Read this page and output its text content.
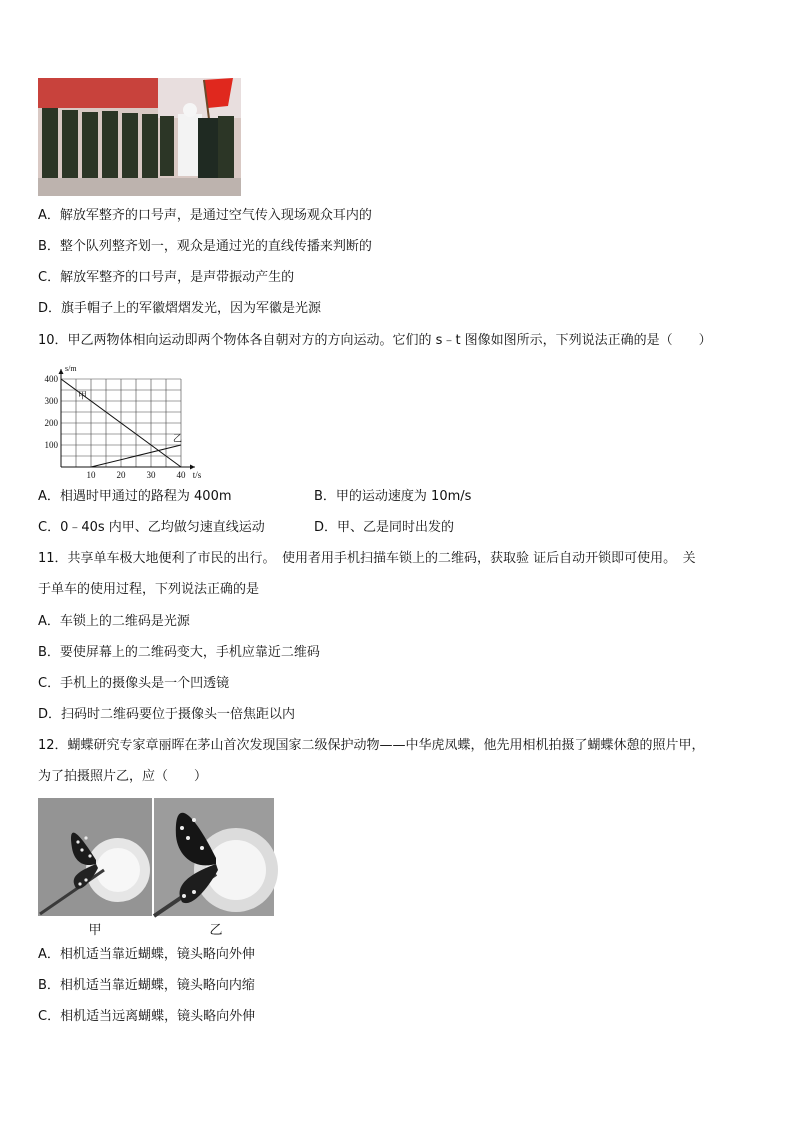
A．解放军整齐的口号声，是通过空气传入现场观众耳内的
B．整个队列整齐划一，观众是通过光的直线传播来判断的
C．解放军整齐的口号声，是声带振动产生的
D．旗手帽子上的军徽熠熠发光，因为军徽是光源
10．甲乙两物体相向运动即两个物体各自朝对方的方向运动。它们的 s﹣t 图像如图所示，下列说法正确的是（　　）
10 20 30 40
100
200
300
400
t/s
s/m
甲
乙
A．相遇时甲通过的路程为 400m	B．甲的运动速度为 10m/s
C．0﹣40s 内甲、乙均做匀速直线运动	D．甲、乙是同时出发的
11．共享单车极大地便利了市民的出行。　使用者用手机扫描车锁上的二维码，获取验 证后自动开锁即可使用。　关
于单车的使用过程，下列说法正确的是
A．车锁上的二维码是光源
B．要使屏幕上的二维码变大，手机应靠近二维码
C．手机上的摄像头是一个凹透镜
D．扫码时二维码要位于摄像头一倍焦距以内
12．蝴蝶研究专家章丽晖在茅山首次发现国家二级保护动物——中华虎凤蝶，他先用相机拍摄了蝴蝶休憩的照片甲，
为了拍摄照片乙，应（　　）
甲	乙
A．相机适当靠近蝴蝶，镜头略向外伸
B．相机适当靠近蝴蝶，镜头略向内缩
C．相机适当远离蝴蝶，镜头略向外伸
